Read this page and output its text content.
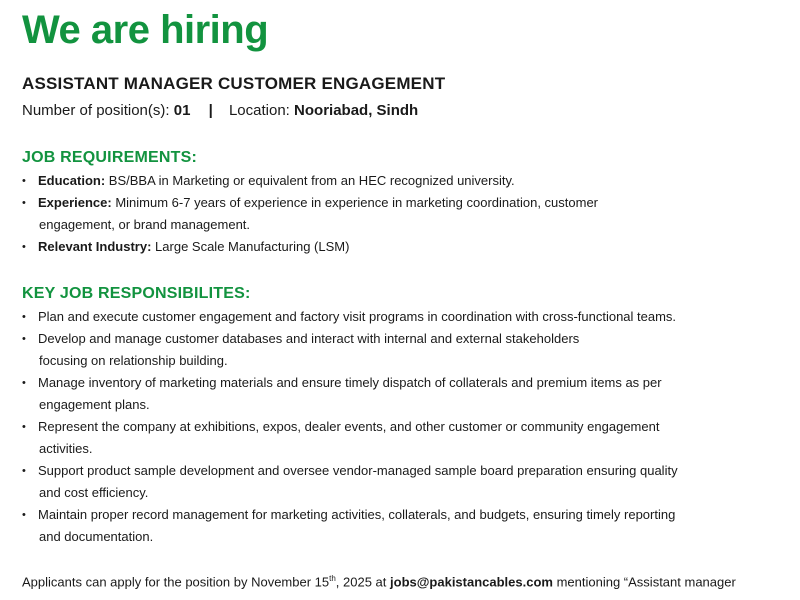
We are hiring
ASSISTANT MANAGER CUSTOMER ENGAGEMENT
Number of position(s): 01 | Location: Nooriabad, Sindh
JOB REQUIREMENTS:
• Education: BS/BBA in Marketing or equivalent from an HEC recognized university.
• Experience: Minimum 6-7 years of experience in experience in marketing coordination, customer
engagement, or brand management.
• Relevant Industry: Large Scale Manufacturing (LSM)
KEY JOB RESPONSIBILITES:
• Plan and execute customer engagement and factory visit programs in coordination with cross-functional teams.
• Develop and manage customer databases and interact with internal and external stakeholders
focusing on relationship building.
• Manage inventory of marketing materials and ensure timely dispatch of collaterals and premium items as per
engagement plans.
• Represent the company at exhibitions, expos, dealer events, and other customer or community engagement
activities.
• Support product sample development and oversee vendor-managed sample board preparation ensuring quality
and cost efficiency.
• Maintain proper record management for marketing activities, collaterals, and budgets, ensuring timely reporting
and documentation.
Applicants can apply for the position by November 15th, 2025 at jobs@pakistancables.com mentioning “Assistant manager
